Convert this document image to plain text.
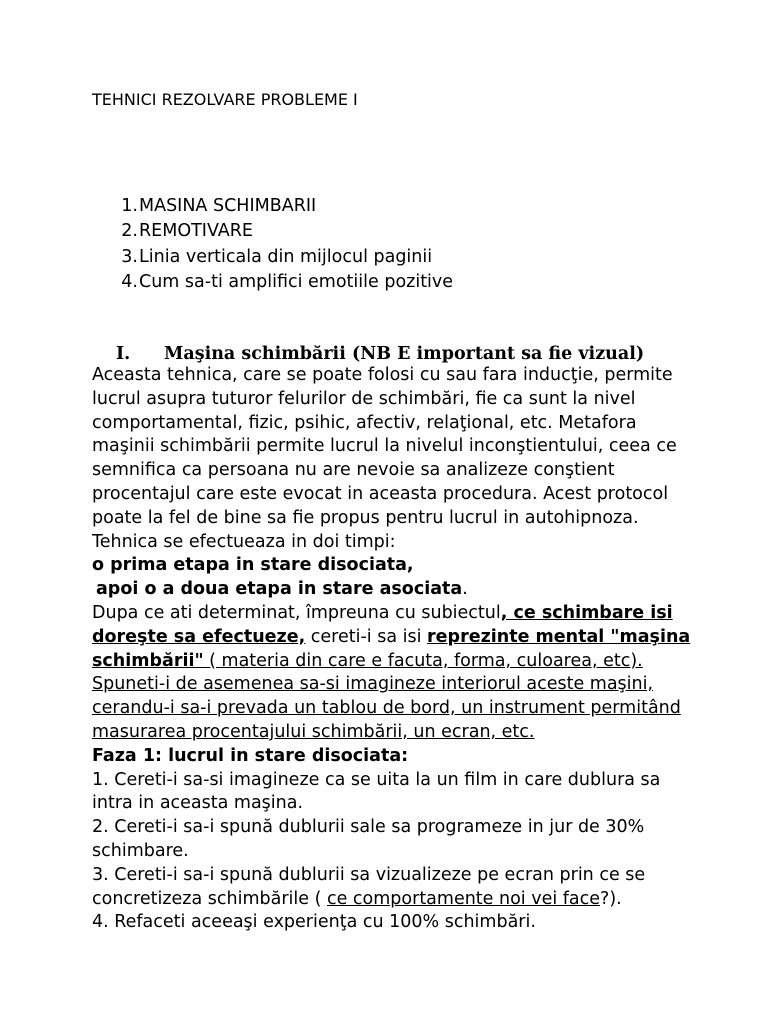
TEHNICI REZOLVARE PROBLEME I
1. MASINA SCHIMBARII
2. REMOTIVARE
3. Linia verticala din mijlocul paginii
4. Cum sa-ti amplifici emotiile pozitive
I.	Maşina schimbării (NB E important sa fie vizual)

Aceasta tehnica, care se poate folosi cu sau fara inducţie, permite lucrul asupra tuturor felurilor de schimbări, fie ca sunt la nivel comportamental, fizic, psihic, afectiv, relaţional, etc. Metafora maşinii schimbării permite lucrul la nivelul inconştientului, ceea ce semnifica ca persoana nu are nevoie sa analizeze conştient procentajul care este evocat in aceasta procedura. Acest protocol poate la fel de bine sa fie propus pentru lucrul in autohipnoza.

Tehnica se efectueaza in doi timpi:

o prima etapa in stare disociata,

apoi o a doua etapa in stare asociata.

Dupa ce ati determinat, împreuna cu subiectul, ce schimbare isi doreşte sa efectueze, cereti-i sa isi reprezinte mental "maşina schimbării" ( materia din care e facuta, forma, culoarea, etc). Spuneti-i de asemenea sa-si imagineze interiorul aceste maşini, cerandu-i sa-i prevada un tablou de bord, un instrument permitând masurarea procentajului schimbării, un ecran, etc.

Faza 1: lucrul in stare disociata:

1. Cereti-i sa-si imagineze ca se uita la un film in care dublura sa intra in aceasta maşina.

2. Cereti-i sa-i spună dublurii sale sa programeze in jur de 30% schimbare.

3. Cereti-i sa-i spună dublurii sa vizualizeze pe ecran prin ce se concretizeza schimbările ( ce comportamente noi vei face?).

4. Refaceti aceeaşi experienţa cu 100% schimbări.
